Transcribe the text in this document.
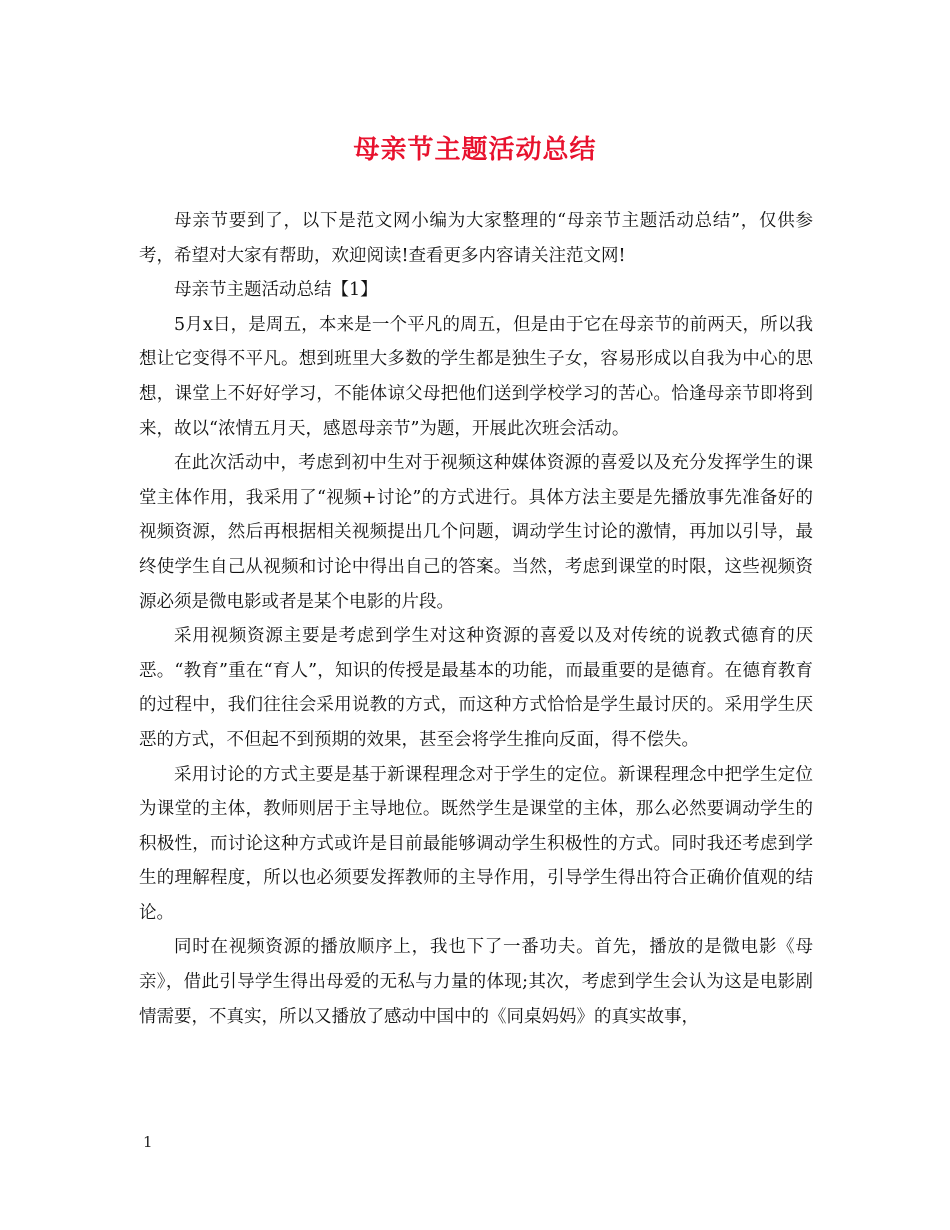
母亲节主题活动总结

母亲节要到了，以下是范文网小编为大家整理的“母亲节主题活动总结”，仅供参考，希望对大家有帮助，欢迎阅读!查看更多内容请关注范文网!

母亲节主题活动总结【1】

5月x日，是周五，本来是一个平凡的周五，但是由于它在母亲节的前两天，所以我想让它变得不平凡。想到班里大多数的学生都是独生子女，容易形成以自我为中心的思想，课堂上不好好学习，不能体谅父母把他们送到学校学习的苦心。恰逢母亲节即将到来，故以“浓情五月天，感恩母亲节”为题，开展此次班会活动。

在此次活动中，考虑到初中生对于视频这种媒体资源的喜爱以及充分发挥学生的课堂主体作用，我采用了“视频+讨论”的方式进行。具体方法主要是先播放事先准备好的视频资源，然后再根据相关视频提出几个问题，调动学生讨论的激情，再加以引导，最终使学生自己从视频和讨论中得出自己的答案。当然，考虑到课堂的时限，这些视频资源必须是微电影或者是某个电影的片段。

采用视频资源主要是考虑到学生对这种资源的喜爱以及对传统的说教式德育的厌恶。“教育”重在“育人”，知识的传授是最基本的功能，而最重要的是德育。在德育教育的过程中，我们往往会采用说教的方式，而这种方式恰恰是学生最讨厌的。采用学生厌恶的方式，不但起不到预期的效果，甚至会将学生推向反面，得不偿失。

采用讨论的方式主要是基于新课程理念对于学生的定位。新课程理念中把学生定位为课堂的主体，教师则居于主导地位。既然学生是课堂的主体，那么必然要调动学生的积极性，而讨论这种方式或许是目前最能够调动学生积极性的方式。同时我还考虑到学生的理解程度，所以也必须要发挥教师的主导作用，引导学生得出符合正确价值观的结论。

同时在视频资源的播放顺序上，我也下了一番功夫。首先，播放的是微电影《母亲》，借此引导学生得出母爱的无私与力量的体现;其次，考虑到学生会认为这是电影剧情需要，不真实，所以又播放了感动中国中的《同桌妈妈》的真实故事，

1
